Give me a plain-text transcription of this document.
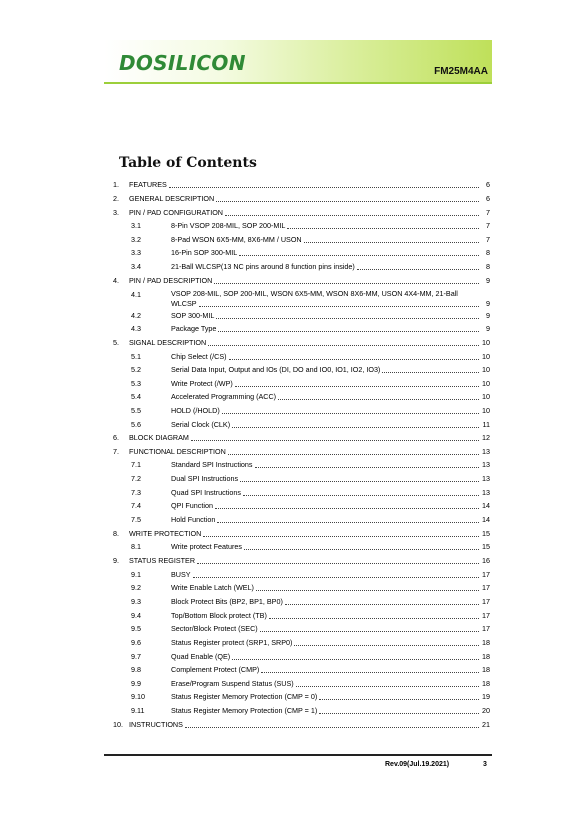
DOSILICON	FM25M4AA
Table of Contents
1. FEATURES	6
2. GENERAL DESCRIPTION	6
3. PIN / PAD CONFIGURATION	7
3.1	8-Pin VSOP 208-MIL, SOP 200-MIL	7
3.2	8-Pad WSON 6X5-MM, 8X6-MM / USON	7
3.3	16-Pin SOP 300-MIL	8
3.4	21-Ball WLCSP(13 NC pins around 8 function pins inside)	8
4. PIN / PAD DESCRIPTION	9
4.1	VSOP 208-MIL, SOP 200-MIL, WSON 6X5-MM, WSON 8X6-MM, USON 4X4-MM, 21-Ball
WLCSP	9
4.2	SOP 300-MIL	9
4.3	Package Type	9
5. SIGNAL DESCRIPTION	10
5.1	Chip Select (/CS)	10
5.2	Serial Data Input, Output and IOs (DI, DO and IO0, IO1, IO2, IO3)	10
5.3	Write Protect (/WP)	10
5.4	Accelerated Programming (ACC)	10
5.5	HOLD (/HOLD)	10
5.6	Serial Clock (CLK)	11
6. BLOCK DIAGRAM	12
7. FUNCTIONAL DESCRIPTION	13
7.1	Standard SPI Instructions	13
7.2	Dual SPI Instructions	13
7.3	Quad SPI Instructions	13
7.4	QPI Function	14
7.5	Hold Function	14
8. WRITE PROTECTION	15
8.1	Write protect Features	15
9. STATUS REGISTER	16
9.1	BUSY	17
9.2	Write Enable Latch (WEL)	17
9.3	Block Protect Bits (BP2, BP1, BP0)	17
9.4	Top/Bottom Block protect (TB)	17
9.5	Sector/Block Protect (SEC)	17
9.6	Status Register protect (SRP1, SRP0)	18
9.7	Quad Enable (QE)	18
9.8	Complement Protect (CMP)	18
9.9	Erase/Program Suspend Status (SUS)	18
9.10	Status Register Memory Protection (CMP = 0)	19
9.11	Status Register Memory Protection (CMP = 1)	20
10. INSTRUCTIONS	21
Rev.09(Jul.19.2021)	3
